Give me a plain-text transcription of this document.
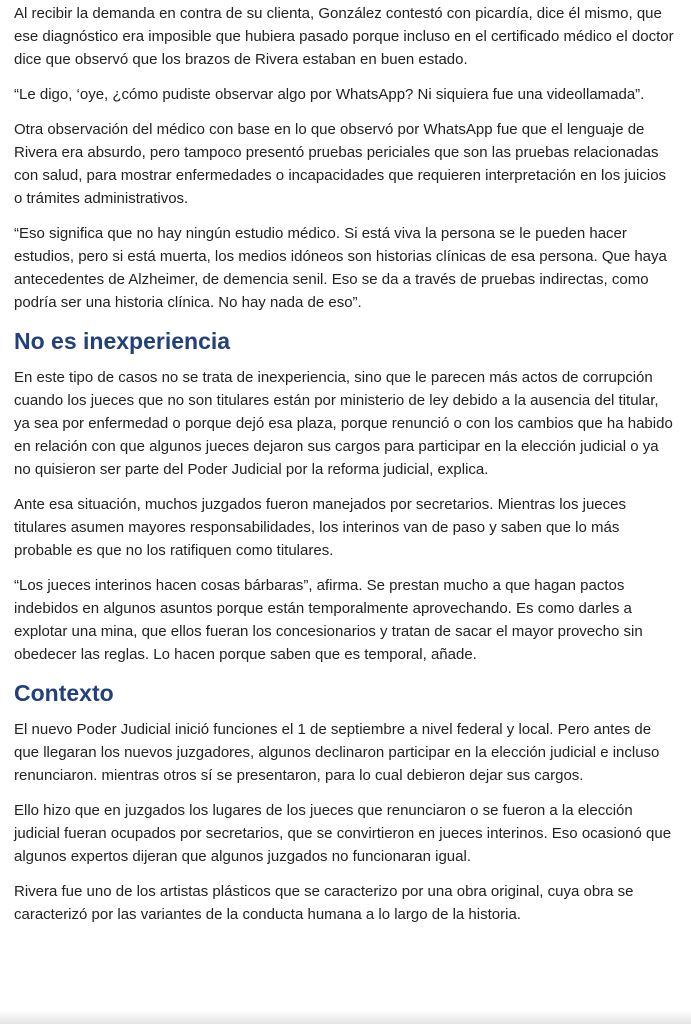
Al recibir la demanda en contra de su clienta, González contestó con picardía, dice él mismo, que ese diagnóstico era imposible que hubiera pasado porque incluso en el certificado médico el doctor dice que observó que los brazos de Rivera estaban en buen estado.

“Le digo, ‘oye, ¿cómo pudiste observar algo por WhatsApp? Ni siquiera fue una videollamada”.

Otra observación del médico con base en lo que observó por WhatsApp fue que el lenguaje de Rivera era absurdo, pero tampoco presentó pruebas periciales que son las pruebas relacionadas con salud, para mostrar enfermedades o incapacidades que requieren interpretación en los juicios o trámites administrativos.

“Eso significa que no hay ningún estudio médico. Si está viva la persona se le pueden hacer estudios, pero si está muerta, los medios idóneos son historias clínicas de esa persona. Que haya antecedentes de Alzheimer, de demencia senil. Eso se da a través de pruebas indirectas, como podría ser una historia clínica. No hay nada de eso”.

No es inexperiencia

En este tipo de casos no se trata de inexperiencia, sino que le parecen más actos de corrupción cuando los jueces que no son titulares están por ministerio de ley debido a la ausencia del titular, ya sea por enfermedad o porque dejó esa plaza, porque renunció o con los cambios que ha habido en relación con que algunos jueces dejaron sus cargos para participar en la elección judicial o ya no quisieron ser parte del Poder Judicial por la reforma judicial, explica.

Ante esa situación, muchos juzgados fueron manejados por secretarios. Mientras los jueces titulares asumen mayores responsabilidades, los interinos van de paso y saben que lo más probable es que no los ratifiquen como titulares.

“Los jueces interinos hacen cosas bárbaras”, afirma. Se prestan mucho a que hagan pactos indebidos en algunos asuntos porque están temporalmente aprovechando. Es como darles a explotar una mina, que ellos fueran los concesionarios y tratan de sacar el mayor provecho sin obedecer las reglas. Lo hacen porque saben que es temporal, añade.

Contexto

El nuevo Poder Judicial inició funciones el 1 de septiembre a nivel federal y local. Pero antes de que llegaran los nuevos juzgadores, algunos declinaron participar en la elección judicial e incluso renunciaron. mientras otros sí se presentaron, para lo cual debieron dejar sus cargos.

Ello hizo que en juzgados los lugares de los jueces que renunciaron o se fueron a la elección judicial fueran ocupados por secretarios, que se convirtieron en jueces interinos. Eso ocasionó que algunos expertos dijeran que algunos juzgados no funcionaran igual.

Rivera fue uno de los artistas plásticos que se caracterizo por una obra original, cuya obra se caracterizó por las variantes de la conducta humana a lo largo de la historia.
